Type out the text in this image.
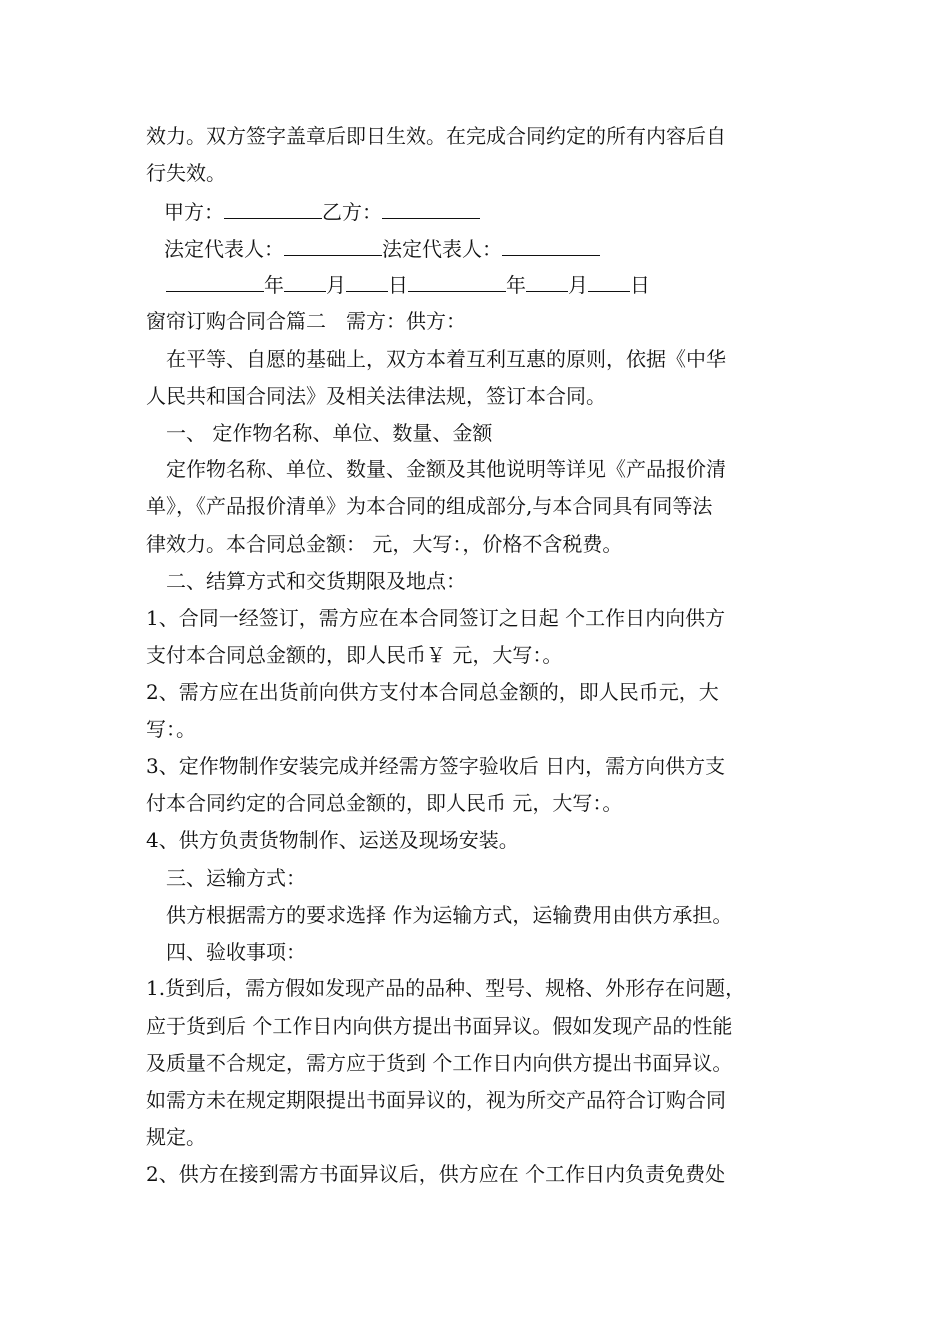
效力。双方签字盖章后即日生效。在完成合同约定的所有内容后自
行失效。
甲方：	乙方：
法定代表人：	法定代表人：
年 月 日	年 月 日
窗帘订购合同合篇二　需方：供方：
　在平等、自愿的基础上，双方本着互利互惠的原则，依据《中华
人民共和国合同法》及相关法律法规，签订本合同。
　一、 定作物名称、单位、数量、金额
　定作物名称、单位、数量、金额及其他说明等详见《产品报价清
单》，《产品报价清单》为本合同的组成部分,与本合同具有同等法
律效力。本合同总金额： 元，大写：，价格不含税费。
　二、结算方式和交货期限及地点：
1、合同一经签订，需方应在本合同签订之日起 个工作日内向供方
支付本合同总金额的，即人民币￥ 元，大写：。
2、需方应在出货前向供方支付本合同总金额的，即人民币元，大
写：。
3、定作物制作安装完成并经需方签字验收后 日内，需方向供方支
付本合同约定的合同总金额的，即人民币 元，大写：。
4、供方负责货物制作、运送及现场安装。
　三、运输方式：
　供方根据需方的要求选择 作为运输方式，运输费用由供方承担。
　四、验收事项：
1.货到后，需方假如发现产品的品种、型号、规格、外形存在问题，
应于货到后 个工作日内向供方提出书面异议。假如发现产品的性能
及质量不合规定，需方应于货到 个工作日内向供方提出书面异议。
如需方未在规定期限提出书面异议的，视为所交产品符合订购合同
规定。
2、供方在接到需方书面异议后，供方应在 个工作日内负责免费处
